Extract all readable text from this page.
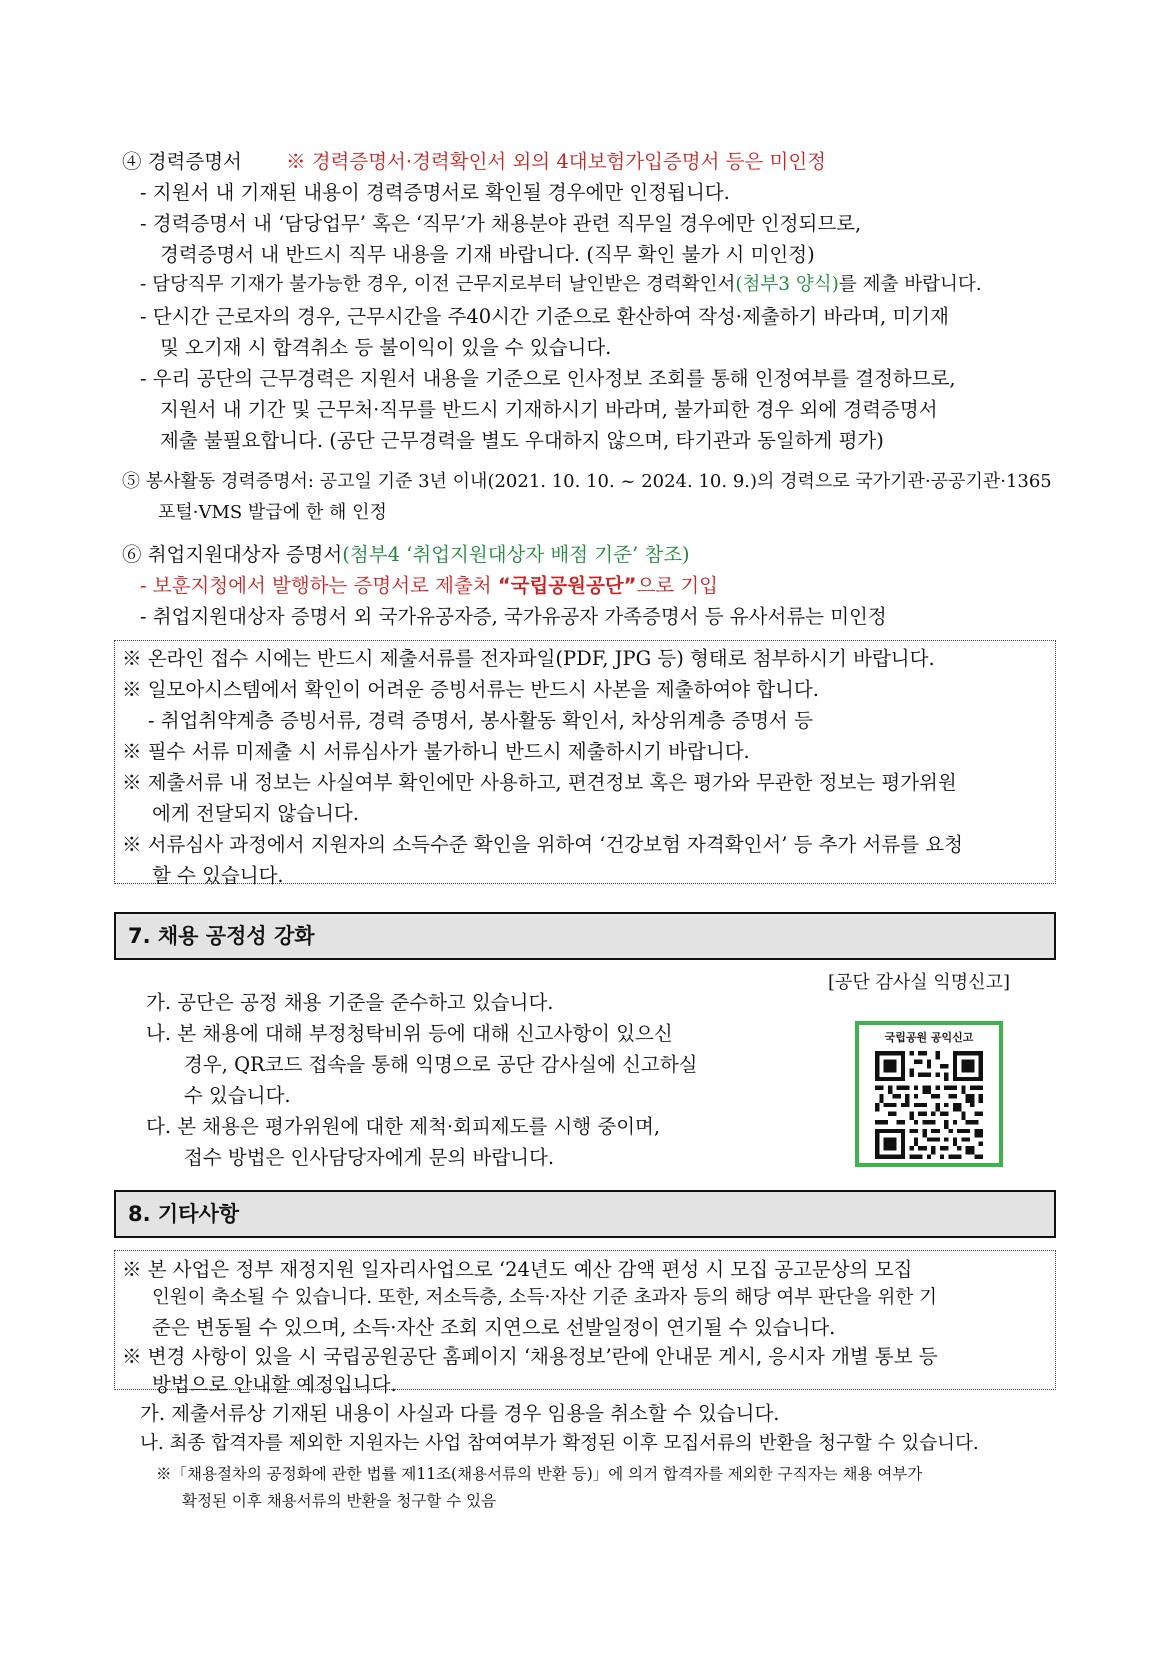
④ 경력증명서 ※ 경력증명서·경력확인서 외의 4대보험가입증명서 등은 미인정
- 지원서 내 기재된 내용이 경력증명서로 확인될 경우에만 인정됩니다.
- 경력증명서 내 ‘담당업무’ 혹은 ‘직무’가 채용분야 관련 직무일 경우에만 인정되므로,
경력증명서 내 반드시 직무 내용을 기재 바랍니다. (직무 확인 불가 시 미인정)
- 담당직무 기재가 불가능한 경우, 이전 근무지로부터 날인받은 경력확인서(첨부3 양식)를 제출 바랍니다.
- 단시간 근로자의 경우, 근무시간을 주40시간 기준으로 환산하여 작성·제출하기 바라며, 미기재
및 오기재 시 합격취소 등 불이익이 있을 수 있습니다.
- 우리 공단의 근무경력은 지원서 내용을 기준으로 인사정보 조회를 통해 인정여부를 결정하므로,
지원서 내 기간 및 근무처·직무를 반드시 기재하시기 바라며, 불가피한 경우 외에 경력증명서
제출 불필요합니다. (공단 근무경력을 별도 우대하지 않으며, 타기관과 동일하게 평가)
⑤ 봉사활동 경력증명서: 공고일 기준 3년 이내(2021. 10. 10. ~ 2024. 10. 9.)의 경력으로 국가기관·공공기관·1365
포털·VMS 발급에 한 해 인정
⑥ 취업지원대상자 증명서(첨부4 ‘취업지원대상자 배점 기준’ 참조)
- 보훈지청에서 발행하는 증명서로 제출처 “국립공원공단”으로 기입
- 취업지원대상자 증명서 외 국가유공자증, 국가유공자 가족증명서 등 유사서류는 미인정
※ 온라인 접수 시에는 반드시 제출서류를 전자파일(PDF, JPG 등) 형태로 첨부하시기 바랍니다.
※ 일모아시스템에서 확인이 어려운 증빙서류는 반드시 사본을 제출하여야 합니다.
- 취업취약계층 증빙서류, 경력 증명서, 봉사활동 확인서, 차상위계층 증명서 등
※ 필수 서류 미제출 시 서류심사가 불가하니 반드시 제출하시기 바랍니다.
※ 제출서류 내 정보는 사실여부 확인에만 사용하고, 편견정보 혹은 평가와 무관한 정보는 평가위원
에게 전달되지 않습니다.
※ 서류심사 과정에서 지원자의 소득수준 확인을 위하여 ‘건강보험 자격확인서’ 등 추가 서류를 요청
할 수 있습니다.
7. 채용 공정성 강화
[공단 감사실 익명신고]
국립공원 공익신고
가. 공단은 공정 채용 기준을 준수하고 있습니다.
나. 본 채용에 대해 부정청탁비위 등에 대해 신고사항이 있으신
경우, QR코드 접속을 통해 익명으로 공단 감사실에 신고하실
수 있습니다.
다. 본 채용은 평가위원에 대한 제척·회피제도를 시행 중이며,
접수 방법은 인사담당자에게 문의 바랍니다.
8. 기타사항
※ 본 사업은 정부 재정지원 일자리사업으로 ‘24년도 예산 감액 편성 시 모집 공고문상의 모집
인원이 축소될 수 있습니다. 또한, 저소득층, 소득·자산 기준 초과자 등의 해당 여부 판단을 위한 기
준은 변동될 수 있으며, 소득·자산 조회 지연으로 선발일정이 연기될 수 있습니다.
※ 변경 사항이 있을 시 국립공원공단 홈페이지 ‘채용정보’란에 안내문 게시, 응시자 개별 통보 등
방법으로 안내할 예정입니다.
가. 제출서류상 기재된 내용이 사실과 다를 경우 임용을 취소할 수 있습니다.
나. 최종 합격자를 제외한 지원자는 사업 참여여부가 확정된 이후 모집서류의 반환을 청구할 수 있습니다.
※「채용절차의 공정화에 관한 법률 제11조(채용서류의 반환 등)」에 의거 합격자를 제외한 구직자는 채용 여부가
확정된 이후 채용서류의 반환을 청구할 수 있음
